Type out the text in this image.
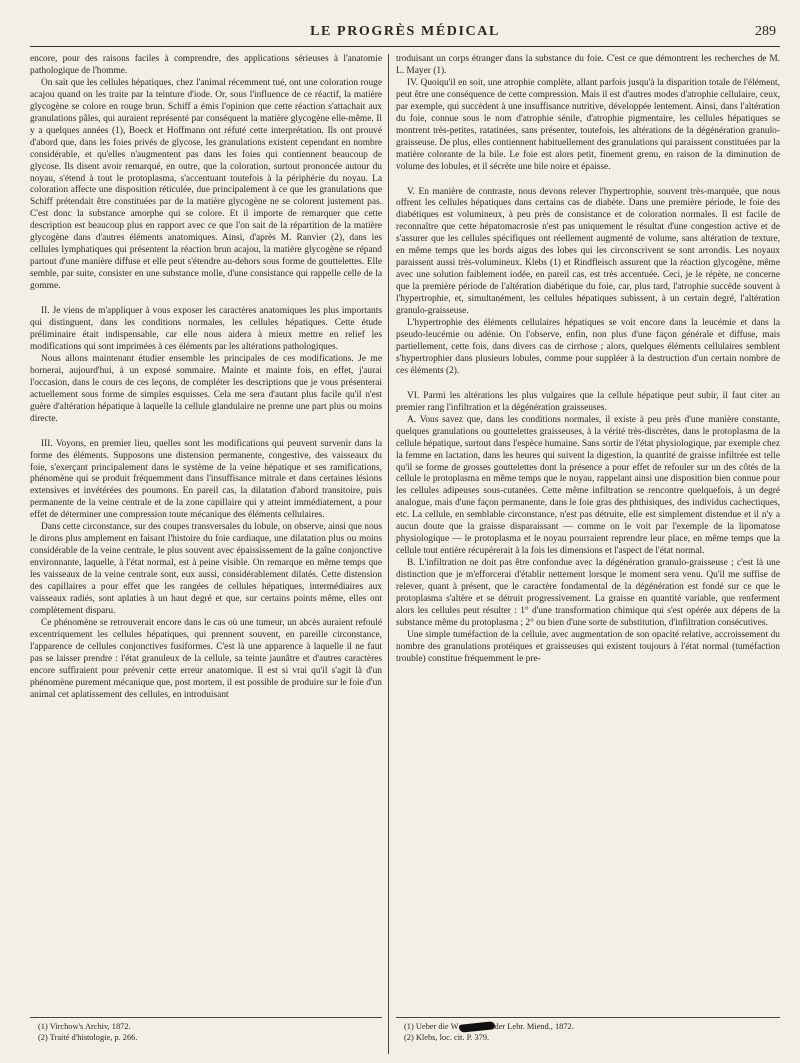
LE PROGRÈS MÉDICAL	289

encore, pour des raisons faciles à comprendre, des applications sérieuses à l'anatomie pathologique de l'homme.

On sait que les cellules hépatiques, chez l'animal récemment tué, ont une coloration rouge acajou quand on les traite par la teinture d'iode. Or, sous l'influence de ce réactif, la matière glycogène se colore en rouge brun. Schiff a émis l'opinion que cette réaction s'attachait aux granulations pâles, qui auraient représenté par conséquent la matière glycogène elle-même. Il y a quelques années (1), Boeck et Hoffmann ont réfuté cette interprétation. Ils ont prouvé d'abord que, dans les foies privés de glycose, les granulations existent cependant en nombre considérable, et qu'elles n'augmentent pas dans les foies qui contiennent beaucoup de glycose. Ils disent avoir remarqué, en outre, que la coloration, surtout prononcée autour du noyau, s'étend à tout le protoplasma, s'accentuant toutefois à la périphérie du noyau. La coloration affecte une disposition réticulée, due principalement à ce que les granulations que Schiff prétendait être constituées par de la matière glycogène ne se colorent justement pas. C'est donc la substance amorphe qui se colore. Et il importe de remarquer que cette description est beaucoup plus en rapport avec ce que l'on sait de la répartition de la matière glycogène dans d'autres éléments anatomiques. Ainsi, d'après M. Ranvier (2), dans les cellules lymphatiques qui présentent la réaction brun acajou, la matière glycogène se répand partout d'une manière diffuse et elle peut s'étendre au-dehors sous forme de gouttelettes. Elle semble, par suite, consister en une substance molle, d'une consistance qui rappelle celle de la gomme.

II. Je viens de m'appliquer à vous exposer les caractères anatomiques les plus importants qui distinguent, dans les conditions normales, les cellules hépatiques. Cette étude préliminaire était indispensable, car elle nous aidera à mieux mettre en relief les modifications qui sont imprimées à ces éléments par les altérations pathologiques.

Nous allons maintenant étudier ensemble les principales de ces modifications. Je me bornerai, aujourd'hui, à un exposé sommaire. Mainte et mainte fois, en effet, j'aurai l'occasion, dans le cours de ces leçons, de compléter les descriptions que je vous présenterai actuellement sous forme de simples esquisses. Cela me sera d'autant plus facile qu'il n'est guère d'altération hépatique à laquelle la cellule glandulaire ne prenne une part plus ou moins directe.

III. Voyons, en premier lieu, quelles sont les modifications qui peuvent survenir dans la forme des éléments. Supposons une distension permanente, congestive, des vaisseaux du foie, s'exerçant principalement dans le système de la veine hépatique et ses ramifications, phénomène qui se produit fréquemment dans l'insuffisance mitrale et dans certaines lésions extensives et invétérées des poumons. En pareil cas, la dilatation d'abord transitoire, puis permanente de la veine centrale et de la zone capillaire qui y atteint immédiatement, a pour effet de déterminer une compression toute mécanique des éléments cellulaires.

Dans cette circonstance, sur des coupes transversales du lobule, on observe, ainsi que nous le dirons plus amplement en faisant l'histoire du foie cardiaque, une dilatation plus ou moins considérable de la veine centrale, le plus souvent avec épaississement de la gaîne conjonctive environnante, laquelle, à l'état normal, est à peine visible. On remarque en même temps que les vaisseaux de la veine centrale sont, eux aussi, considérablement dilatés. Cette distension des capillaires a pour effet que les rangées de cellules hépatiques, intermédiaires aux vaisseaux radiés, sont aplaties à un haut degré et que, sur certains points même, elles ont complètement disparu.

Ce phénomène se retrouverait encore dans le cas où une tumeur, un abcès auraient refoulé excentriquement les cellules hépatiques, qui prennent souvent, en pareille circonstance, l'apparence de cellules conjonctives fusiformes. C'est là une apparence à laquelle il ne faut pas se laisser prendre : l'état granuleux de la cellule, sa teinte jaunâtre et d'autres caractères encore suffiraient pour prévenir cette erreur anatomique. Il est si vrai qu'il s'agit là d'un phénomène purement mécanique que, post mortem, il est possible de produire sur le foie d'un animal cet aplatissement des cellules, en introduisant

troduisant un corps étranger dans la substance du foie. C'est ce que démontrent les recherches de M. L. Mayer (1).

IV. Quoiqu'il en soit, une atrophie complète, allant parfois jusqu'à la disparition totale de l'élément, peut être une conséquence de cette compression. Mais il est d'autres modes d'atrophie cellulaire, ceux, par exemple, qui succèdent à une insuffisance nutritive, développée lentement. Ainsi, dans l'altération du foie, connue sous le nom d'atrophie sénile, d'atrophie pigmentaire, les cellules hépatiques se montrent très-petites, ratatinées, sans présenter, toutefois, les altérations de la dégénération granulo-graisseuse. De plus, elles contiennent habituellement des granulations qui paraissent constituées par la matière colorante de la bile. Le foie est alors petit, finement grenu, en raison de la diminution de volume des lobules, et il sécrète une bile noire et épaisse.

V. En manière de contraste, nous devons relever l'hypertrophie, souvent très-marquée, que nous offrent les cellules hépatiques dans certains cas de diabète. Dans une première période, le foie des diabétiques est volumineux, à peu près de consistance et de coloration normales. Il est facile de reconnaître que cette hépatomacrosie n'est pas uniquement le résultat d'une congestion active et de s'assurer que les cellules spécifiques ont réellement augmenté de volume, sans altération de texture, en même temps que les bords aigus des lobes qui les circonscrivent se sont arrondis. Les noyaux paraissent aussi très-volumineux. Klebs (1) et Rindfleisch assurent que la réaction glycogène, même avec une solution faiblement iodée, en pareil cas, est très accentuée. Ceci, je le répète, ne concerne que la première période de l'altération diabétique du foie, car, plus tard, l'atrophie succède souvent à l'hypertrophie, et, simultanément, les cellules hépatiques subissent, à un certain degré, l'altération granulo-graisseuse.

L'hypertrophie des éléments cellulaires hépatiques se voit encore dans la leucémie et dans la pseudo-leucémie ou adénie. On l'observe, enfin, non plus d'une façon générale et diffuse, mais partiellement, cette fois, dans divers cas de cirrhose ; alors, quelques éléments cellulaires semblent s'hypertrophier dans plusieurs lobules, comme pour suppléer à la destruction d'un certain nombre de ces éléments (2).

VI. Parmi les altérations les plus vulgaires que la cellule hépatique peut subir, il faut citer au premier rang l'infiltration et la dégénération graisseuses.

A. Vous savez que, dans les conditions normales, il existe à peu près d'une manière constante, quelques granulations ou gouttelettes graisseuses, à la vérité très-discrètes, dans le protoplasma de la cellule hépatique, surtout dans l'espèce humaine. Sans sortir de l'état physiologique, par exemple chez la femme en lactation, dans les heures qui suivent la digestion, la quantité de graisse infiltrée est telle qu'il se forme de grosses gouttelettes dont la présence a pour effet de refouler sur un des côtés de la cellule le protoplasma en même temps que le noyau, rappelant ainsi une disposition bien connue pour les cellules adipeuses sous-cutanées. Cette même infiltration se rencontre quelquefois, à un degré analogue, mais d'une façon permanente, dans le foie gras des phthisiques, des individus cachectiques, etc. La cellule, en semblable circonstance, n'est pas détruite, elle est simplement distendue et il n'y a aucun doute que la graisse disparaissant — comme on le voit par l'exemple de la lipomatose physiologique — le protoplasma et le noyau pourraient reprendre leur place, en même temps que la cellule tout entière récupérerait à la fois les dimensions et l'aspect de l'état normal.

B. L'infiltration ne doit pas être confondue avec la dégénération granulo-graisseuse ; c'est là une distinction que je m'efforcerai d'établir nettement lorsque le moment sera venu. Qu'il me suffise de relever, quant à présent, que le caractère fondamental de la dégénération est fondé sur ce que le protoplasma s'altère et se détruit progressivement. La graisse en quantité variable, que renferment alors les cellules peut résulter : 1° d'une transformation chimique qui s'est opérée aux dépens de la substance même du protoplasma ; 2° ou bien d'une sorte de substitution, d'infiltration consécutives.

Une simple tuméfaction de la cellule, avec augmentation de son opacité relative, accroissement du nombre des granulations protéiques et graisseuses qui existent toujours à l'état normal (tuméfaction trouble) constitue fréquemment le pre-

(1) Virchow's Archiv, 1872.
(2) Traité d'histologie, p. 266.
(1) Ueber die W	der Lehr. Miend., 1872.
(2) Klebs, loc. cit. P. 379.
